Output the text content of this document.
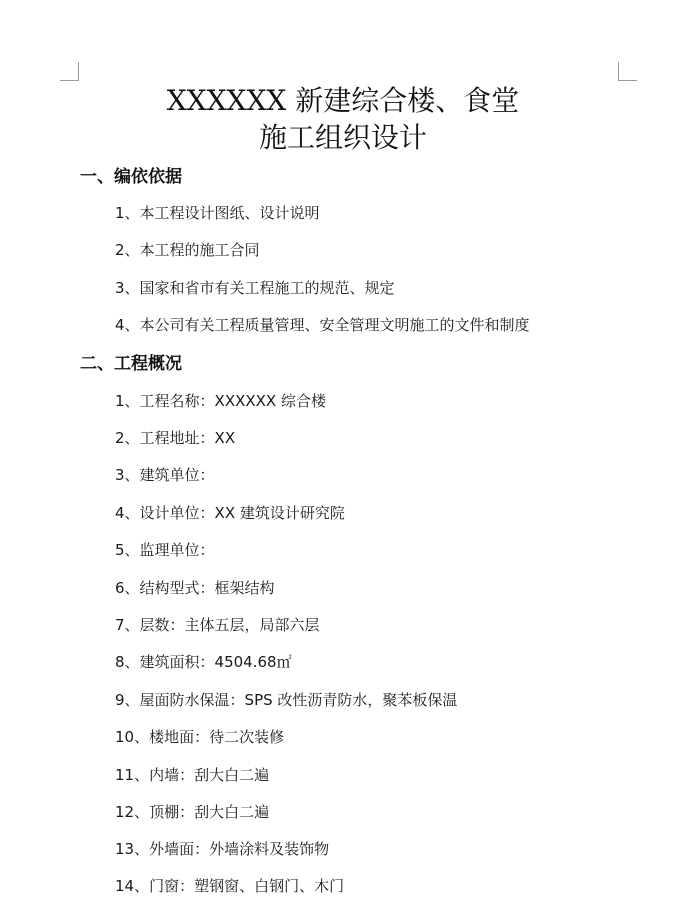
XXXXXX 新建综合楼、食堂
施工组织设计
一、编依依据
1、本工程设计图纸、设计说明
2、本工程的施工合同
3、国家和省市有关工程施工的规范、规定
4、本公司有关工程质量管理、安全管理文明施工的文件和制度
二、工程概况
1、工程名称：XXXXXX 综合楼
2、工程地址：XX
3、建筑单位：
4、设计单位：XX 建筑设计研究院
5、监理单位：
6、结构型式：框架结构
7、层数：主体五层，局部六层
8、建筑面积：4504.68㎡
9、屋面防水保温：SPS 改性沥青防水，聚苯板保温
10、楼地面：待二次装修
11、内墙：刮大白二遍
12、顶棚：刮大白二遍
13、外墙面：外墙涂料及装饰物
14、门窗：塑钢窗、白钢门、木门
